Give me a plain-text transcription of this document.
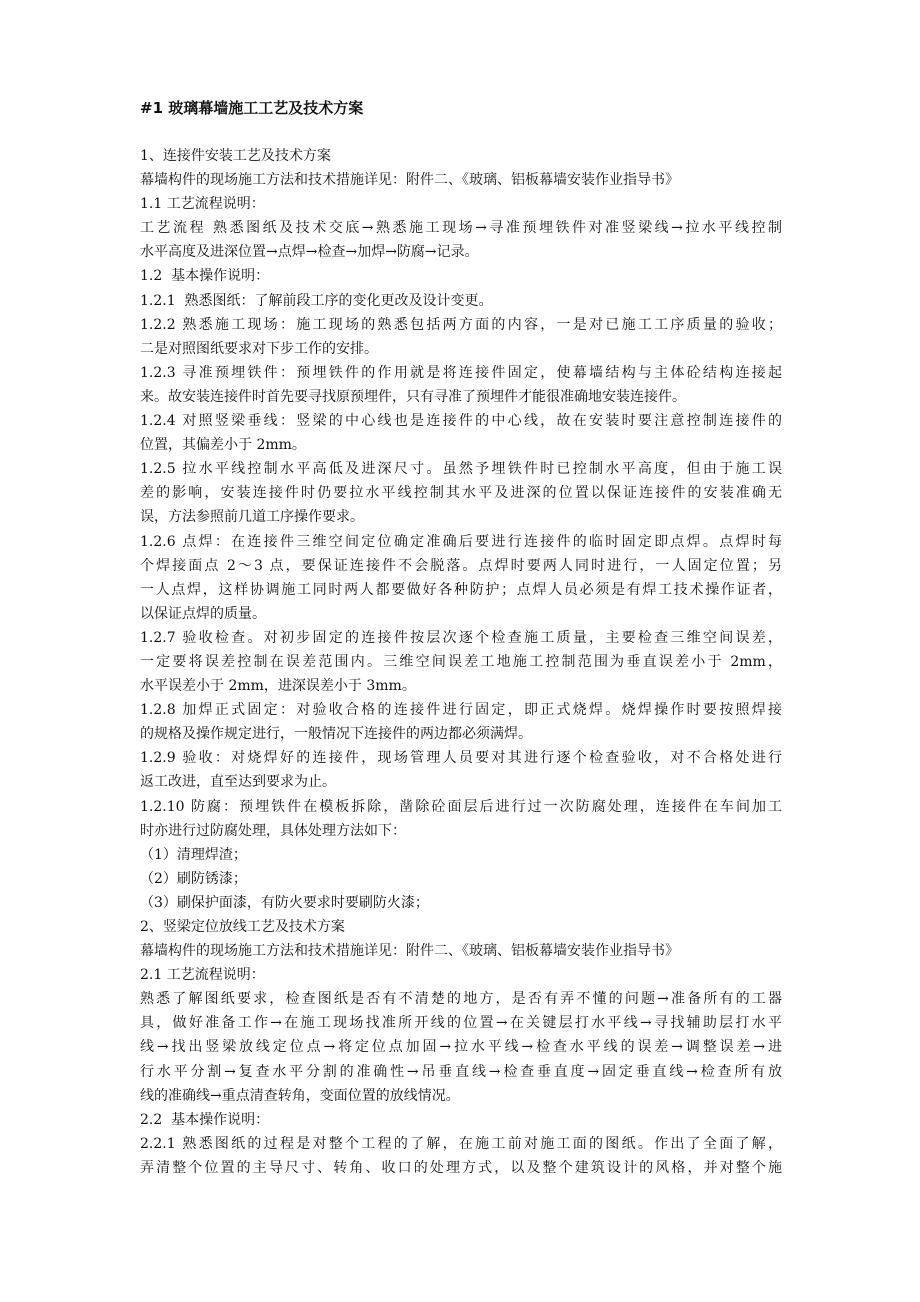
#1 玻璃幕墙施工工艺及技术方案
1、连接件安装工艺及技术方案
幕墙构件的现场施工方法和技术措施详见：附件二、《玻璃、铝板幕墙安装作业指导书》
1.1 工艺流程说明：
工艺流程 熟悉图纸及技术交底→熟悉施工现场→寻准预埋铁件对准竖梁线→拉水平线控制
水平高度及进深位置→点焊→检查→加焊→防腐→记录。
1.2  基本操作说明：
1.2.1  熟悉图纸：了解前段工序的变化更改及设计变更。
1.2.2 熟悉施工现场：施工现场的熟悉包括两方面的内容，一是对已施工工序质量的验收；
二是对照图纸要求对下步工作的安排。
1.2.3 寻准预埋铁件：预埋铁件的作用就是将连接件固定，使幕墙结构与主体砼结构连接起
来。故安装连接件时首先要寻找原预埋件，只有寻准了预埋件才能很准确地安装连接件。
1.2.4 对照竖梁垂线：竖梁的中心线也是连接件的中心线，故在安装时要注意控制连接件的
位置，其偏差小于 2mm。
1.2.5 拉水平线控制水平高低及进深尺寸。虽然予埋铁件时已控制水平高度，但由于施工误
差的影响，安装连接件时仍要拉水平线控制其水平及进深的位置以保证连接件的安装准确无
误，方法参照前几道工序操作要求。
1.2.6 点焊：在连接件三维空间定位确定准确后要进行连接件的临时固定即点焊。点焊时每
个焊接面点 2～3 点，要保证连接件不会脱落。点焊时要两人同时进行，一人固定位置；另
一人点焊，这样协调施工同时两人都要做好各种防护；点焊人员必须是有焊工技术操作证者，
以保证点焊的质量。
1.2.7 验收检查。对初步固定的连接件按层次逐个检查施工质量，主要检查三维空间误差，
一定要将误差控制在误差范围内。三维空间误差工地施工控制范围为垂直误差小于 2mm，
水平误差小于 2mm，进深误差小于 3mm。
1.2.8 加焊正式固定：对验收合格的连接件进行固定，即正式烧焊。烧焊操作时要按照焊接
的规格及操作规定进行，一般情况下连接件的两边都必须满焊。
1.2.9 验收：对烧焊好的连接件，现场管理人员要对其进行逐个检查验收，对不合格处进行
返工改进，直至达到要求为止。
1.2.10 防腐：预埋铁件在模板拆除，凿除砼面层后进行过一次防腐处理，连接件在车间加工
时亦进行过防腐处理，具体处理方法如下：
（1）清理焊渣；
（2）刷防锈漆；
（3）刷保护面漆，有防火要求时要刷防火漆；
2、竖梁定位放线工艺及技术方案
幕墙构件的现场施工方法和技术措施详见：附件二、《玻璃、铝板幕墙安装作业指导书》
2.1 工艺流程说明：
熟悉了解图纸要求，检查图纸是否有不清楚的地方，是否有弄不懂的问题→准备所有的工器
具，做好准备工作→在施工现场找准所开线的位置→在关键层打水平线→寻找辅助层打水平
线→找出竖梁放线定位点→将定位点加固→拉水平线→检查水平线的误差→调整误差→进
行水平分割→复查水平分割的准确性→吊垂直线→检查垂直度→固定垂直线→检查所有放
线的准确线→重点清查转角，变面位置的放线情况。
2.2  基本操作说明：
2.2.1 熟悉图纸的过程是对整个工程的了解，在施工前对施工面的图纸。作出了全面了解，
弄清整个位置的主导尺寸、转角、收口的处理方式，以及整个建筑设计的风格，并对整个施
